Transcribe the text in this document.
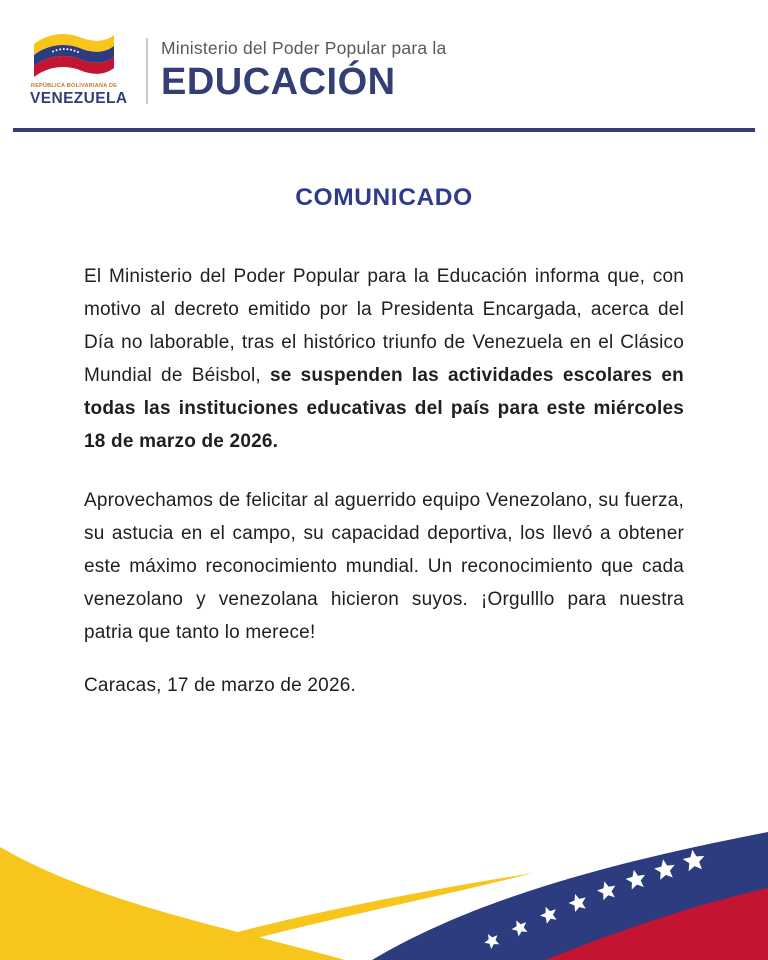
REPÚBLICA BOLIVARIANA DE
VENEZUELA
Ministerio del Poder Popular para la
EDUCACIÓN
COMUNICADO

El Ministerio del Poder Popular para la Educación informa que, con motivo al decreto emitido por la Presidenta Encargada, acerca del Día no laborable, tras el histórico triunfo de Venezuela en el Clásico Mundial de Béisbol, se suspenden las actividades escolares en todas las instituciones educativas del país para este miércoles 18 de marzo de 2026.

Aprovechamos de felicitar al aguerrido equipo Venezolano, su fuerza, su astucia en el campo, su capacidad deportiva, los llevó a obtener este máximo reconocimiento mundial. Un reconocimiento que cada venezolano y venezolana hicieron suyos. ¡Orgulllo para nuestra patria que tanto lo merece!

Caracas, 17 de marzo de 2026.
